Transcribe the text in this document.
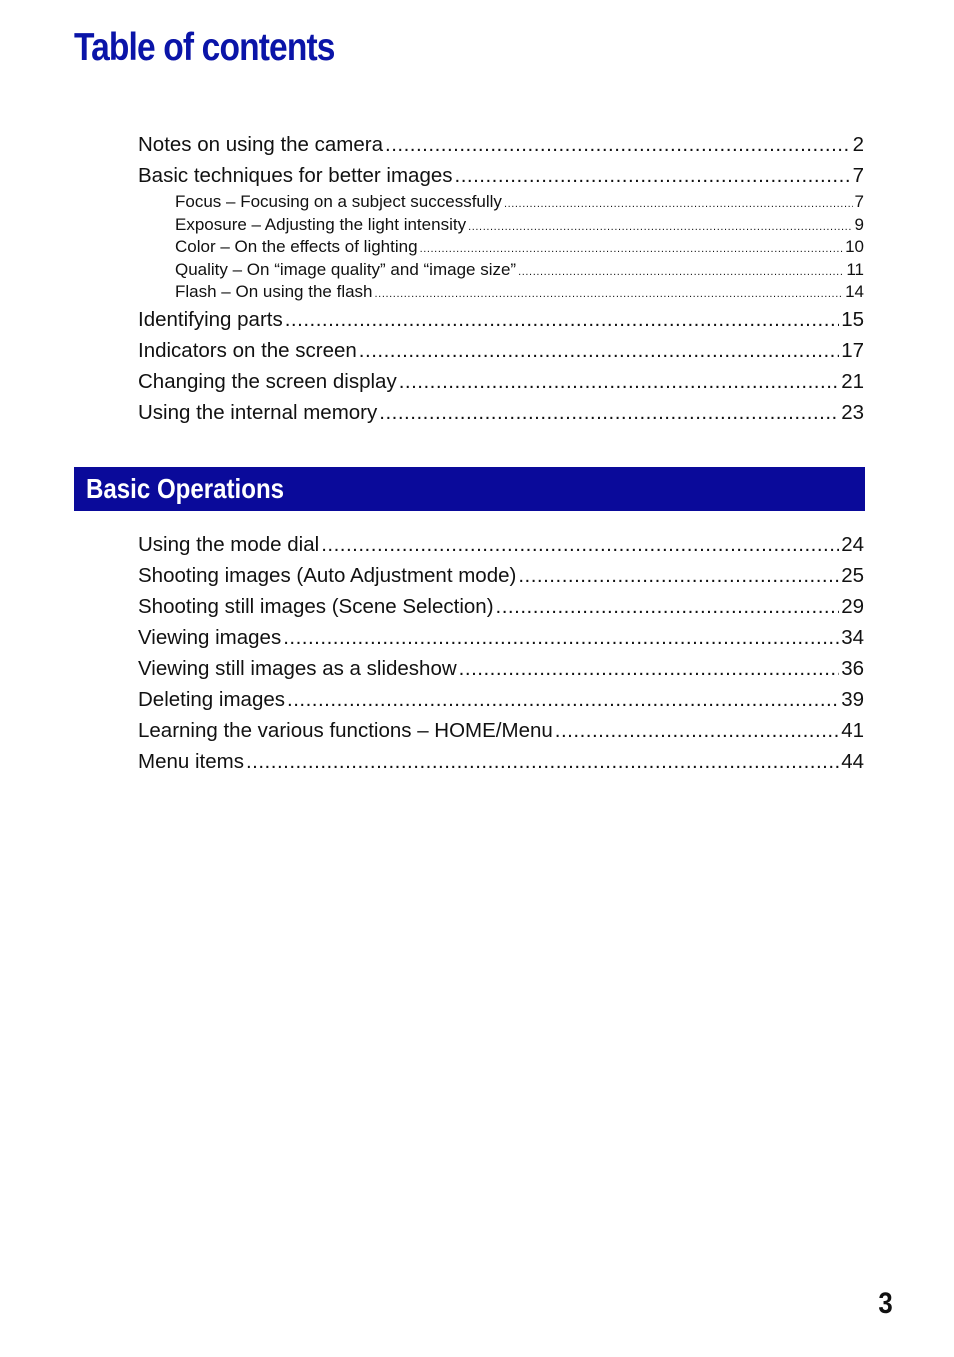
Table of contents
Notes on using the camera .....	2
Basic techniques for better images .....	7
Focus – Focusing on a subject successfully .....	7
Exposure – Adjusting the light intensity .....	9
Color – On the effects of lighting .....	10
Quality – On “image quality” and “image size” .....	11
Flash – On using the flash .....	14
Identifying parts .....	15
Indicators on the screen .....	17
Changing the screen display .....	21
Using the internal memory .....	23
Basic Operations
Using the mode dial .....	24
Shooting images (Auto Adjustment mode) .....	25
Shooting still images (Scene Selection) .....	29
Viewing images .....	34
Viewing still images as a slideshow .....	36
Deleting images .....	39
Learning the various functions – HOME/Menu .....	41
Menu items .....	44
3
